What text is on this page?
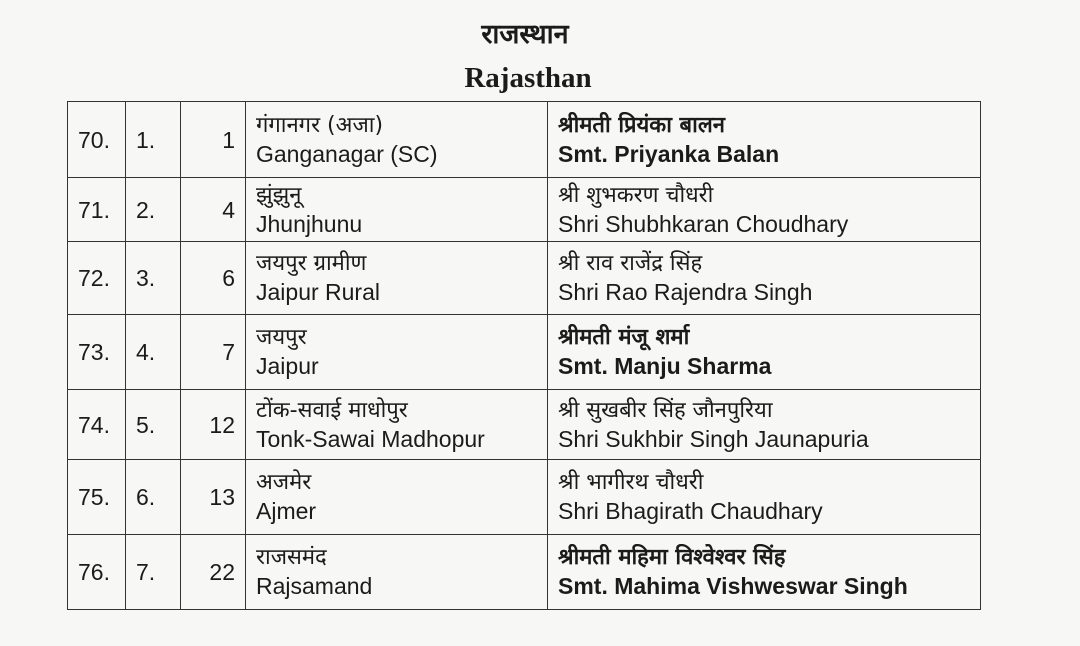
राजस्थान
Rajasthan
70.	1.	1	गंगानगर (अजा)
Ganganagar (SC)	श्रीमती प्रियंका बालन
Smt. Priyanka Balan

71.	2.	4	झुंझुनू
Jhunjhunu	श्री शुभकरण चौधरी
Shri Shubhkaran Choudhary

72.	3.	6	जयपुर ग्रामीण
Jaipur Rural	श्री राव राजेंद्र सिंह
Shri Rao Rajendra Singh

73.	4.	7	जयपुर
Jaipur	श्रीमती मंजू शर्मा
Smt. Manju Sharma

74.	5.	12	टोंक-सवाई माधोपुर
Tonk-Sawai Madhopur	श्री सुखबीर सिंह जौनपुरिया
Shri Sukhbir Singh Jaunapuria

75.	6.	13	अजमेर
Ajmer	श्री भागीरथ चौधरी
Shri Bhagirath Chaudhary

76.	7.	22	राजसमंद
Rajsamand	श्रीमती महिमा विश्वेश्वर सिंह
Smt. Mahima Vishweswar Singh
